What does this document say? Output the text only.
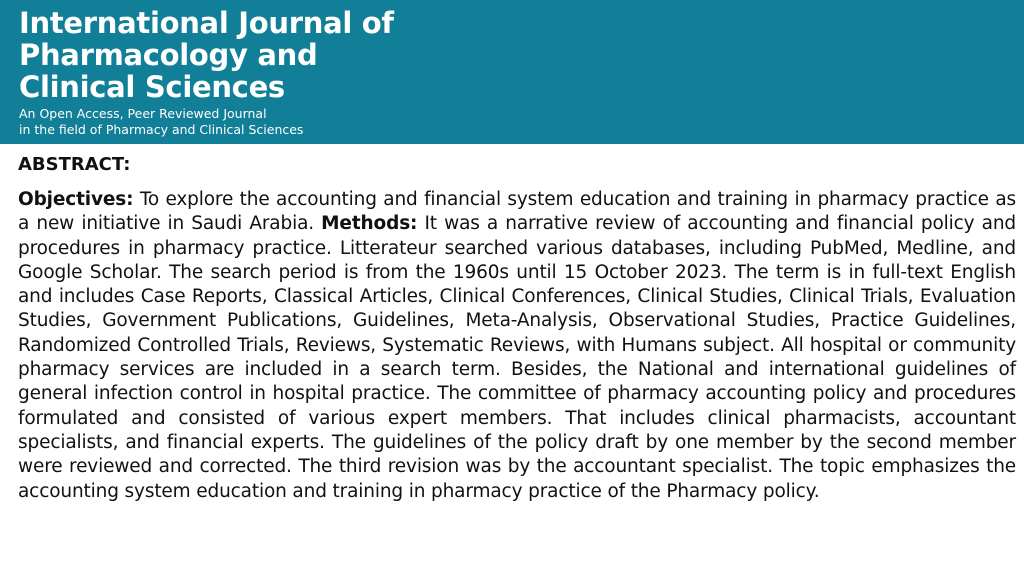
International Journal of
Pharmacology and
Clinical Sciences
An Open Access, Peer Reviewed Journal
in the field of Pharmacy and Clinical Sciences

ABSTRACT:

Objectives: To explore the accounting and financial system education and training in pharmacy practice as a new initiative in Saudi Arabia. Methods: It was a narrative review of accounting and financial policy and procedures in pharmacy practice. Litterateur searched various databases, including PubMed, Medline, and Google Scholar. The search period is from the 1960s until 15 October 2023. The term is in full-text English and includes Case Reports, Classical Articles, Clinical Conferences, Clinical Studies, Clinical Trials, Evaluation Studies, Government Publications, Guidelines, Meta-Analysis, Observational Studies, Practice Guidelines, Randomized Controlled Trials, Reviews, Systematic Reviews, with Humans subject. All hospital or community pharmacy services are included in a search term. Besides, the National and international guidelines of general infection control in hospital practice. The committee of pharmacy accounting policy and procedures formulated and consisted of various expert members. That includes clinical pharmacists, accountant specialists, and financial experts. The guidelines of the policy draft by one member by the second member were reviewed and corrected. The third revision was by the accountant specialist. The topic emphasizes the accounting system education and training in pharmacy practice of the Pharmacy policy.
